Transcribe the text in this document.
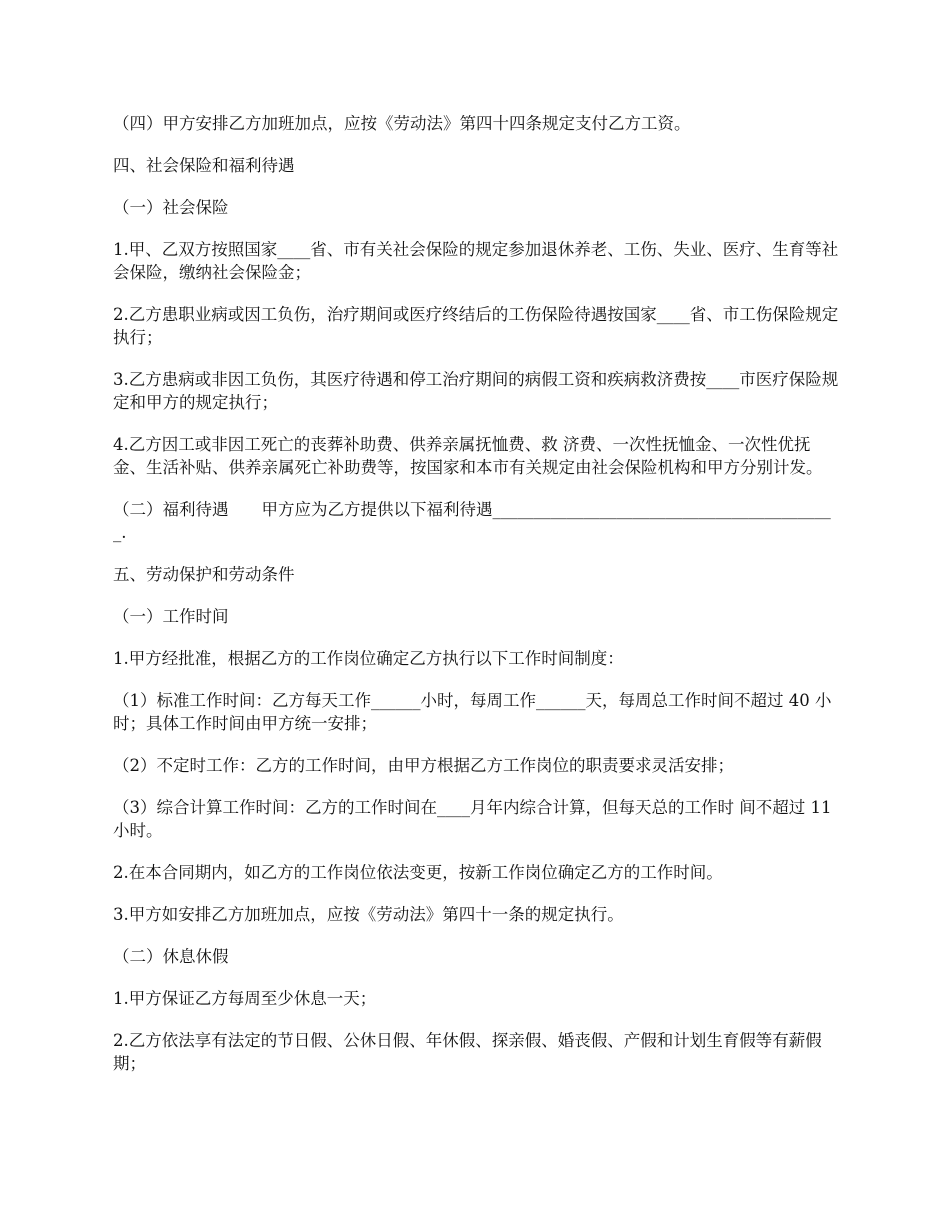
（四）甲方安排乙方加班加点，应按《劳动法》第四十四条规定支付乙方工资。

四、社会保险和福利待遇

（一）社会保险

1.甲、乙双方按照国家____省、市有关社会保险的规定参加退休养老、工伤、失业、医疗、生育等社会保险，缴纳社会保险金；

2.乙方患职业病或因工负伤，治疗期间或医疗终结后的工伤保险待遇按国家____省、市工伤保险规定执行；

3.乙方患病或非因工负伤，其医疗待遇和停工治疗期间的病假工资和疾病救济费按____市医疗保险规定和甲方的规定执行；

4.乙方因工或非因工死亡的丧葬补助费、供养亲属抚恤费、救 济费、一次性抚恤金、一次性优抚金、生活补贴、供养亲属死亡补助费等，按国家和本市有关规定由社会保险机构和甲方分别计发。

（二）福利待遇　　甲方应为乙方提供以下福利待遇__________________________________________.

五、劳动保护和劳动条件

（一）工作时间

1.甲方经批准，根据乙方的工作岗位确定乙方执行以下工作时间制度：

（1）标准工作时间：乙方每天工作______小时，每周工作______天，每周总工作时间不超过 40 小时；具体工作时间由甲方统一安排；

（2）不定时工作：乙方的工作时间，由甲方根据乙方工作岗位的职责要求灵活安排；

（3）综合计算工作时间：乙方的工作时间在____月年内综合计算，但每天总的工作时 间不超过 11 小时。

2.在本合同期内，如乙方的工作岗位依法变更，按新工作岗位确定乙方的工作时间。

3.甲方如安排乙方加班加点，应按《劳动法》第四十一条的规定执行。

（二）休息休假

1.甲方保证乙方每周至少休息一天；

2.乙方依法享有法定的节日假、公休日假、年休假、探亲假、婚丧假、产假和计划生育假等有薪假期；
